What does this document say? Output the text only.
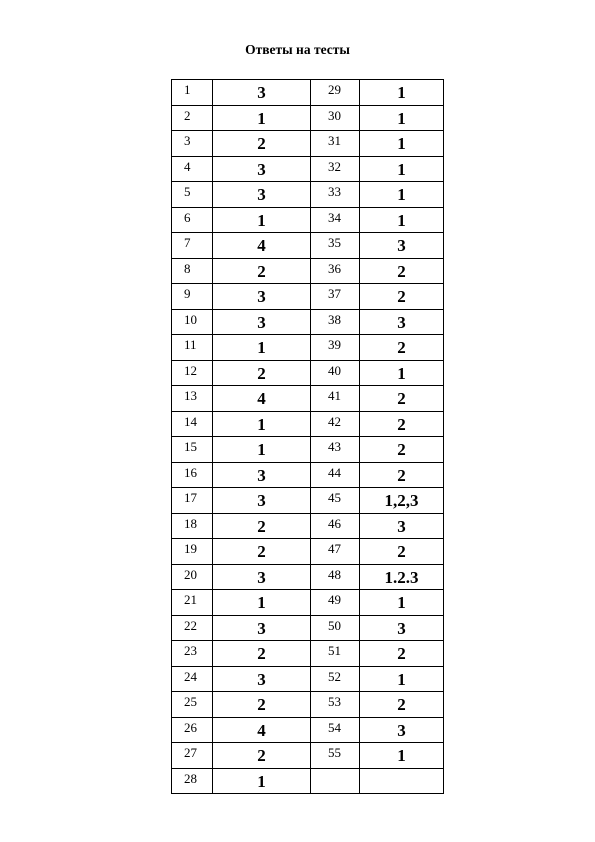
Ответы на тесты
1	3	29	1
2	1	30	1
3	2	31	1
4	3	32	1
5	3	33	1
6	1	34	1
7	4	35	3
8	2	36	2
9	3	37	2
10	3	38	3
11	1	39	2
12	2	40	1
13	4	41	2
14	1	42	2
15	1	43	2
16	3	44	2
17	3	45	1,2,3
18	2	46	3
19	2	47	2
20	3	48	1.2.3
21	1	49	1
22	3	50	3
23	2	51	2
24	3	52	1
25	2	53	2
26	4	54	3
27	2	55	1
28	1		
